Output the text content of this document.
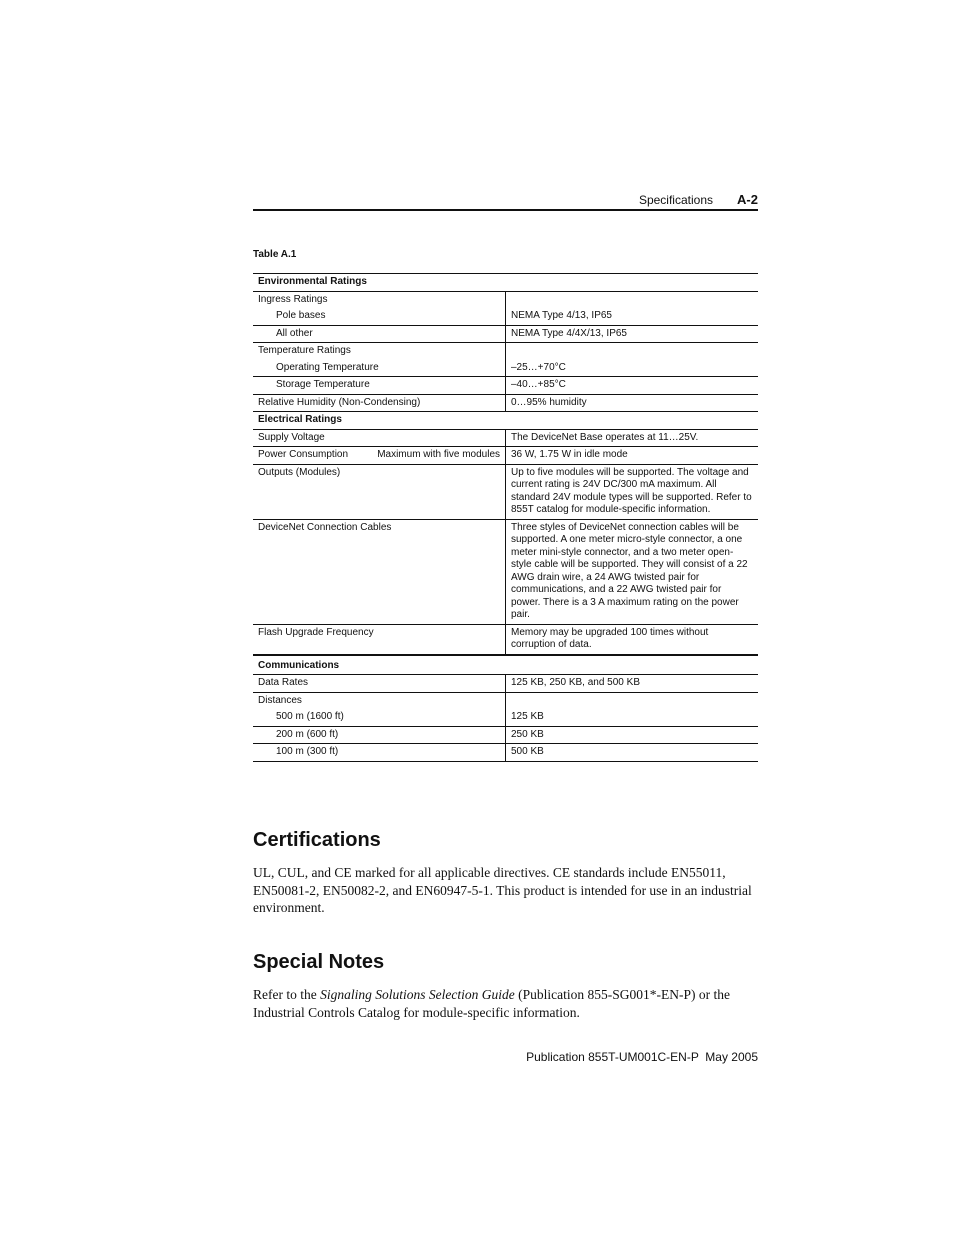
Specifications A-2
Table A.1
Environmental Ratings	
Ingress Ratings	
Pole bases	NEMA Type 4/13, IP65
All other	NEMA Type 4/4X/13, IP65
Temperature Ratings	
Operating Temperature	–25…+70°C
Storage Temperature	–40…+85°C
Relative Humidity (Non-Condensing)	0…95% humidity
Electrical Ratings	
Supply Voltage	The DeviceNet Base operates at 11…25V.

Power Consumption Maximum with five modules	36 W, 1.75 W in idle mode
Outputs (Modules)	Up to five modules will be supported. The voltage and current rating is 24V DC/300 mA maximum. All standard 24V module types will be supported. Refer to 855T catalog for module-specific information.
DeviceNet Connection Cables	Three styles of DeviceNet connection cables will be supported. A one meter micro-style connector, a one meter mini-style connector, and a two meter open-style cable will be supported. They will consist of a 22 AWG drain wire, a 24 AWG twisted pair for communications, and a 22 AWG twisted pair for power. There is a 3 A maximum rating on the power pair.
Flash Upgrade Frequency	Memory may be upgraded 100 times without corruption of data.
Communications	
Data Rates	125 KB, 250 KB, and 500 KB
Distances	
500 m (1600 ft)	125 KB
200 m (600 ft)	250 KB
100 m (300 ft)	500 KB
Certifications
UL, CUL, and CE marked for all applicable directives. CE standards include EN55011, EN50081-2, EN50082-2, and EN60947-5-1. This product is intended for use in an industrial environment.
Special Notes
Refer to the Signaling Solutions Selection Guide (Publication 855-SG001*-EN-P) or the Industrial Controls Catalog for module-specific information.
Publication 855T-UM001C-EN-P May 2005
